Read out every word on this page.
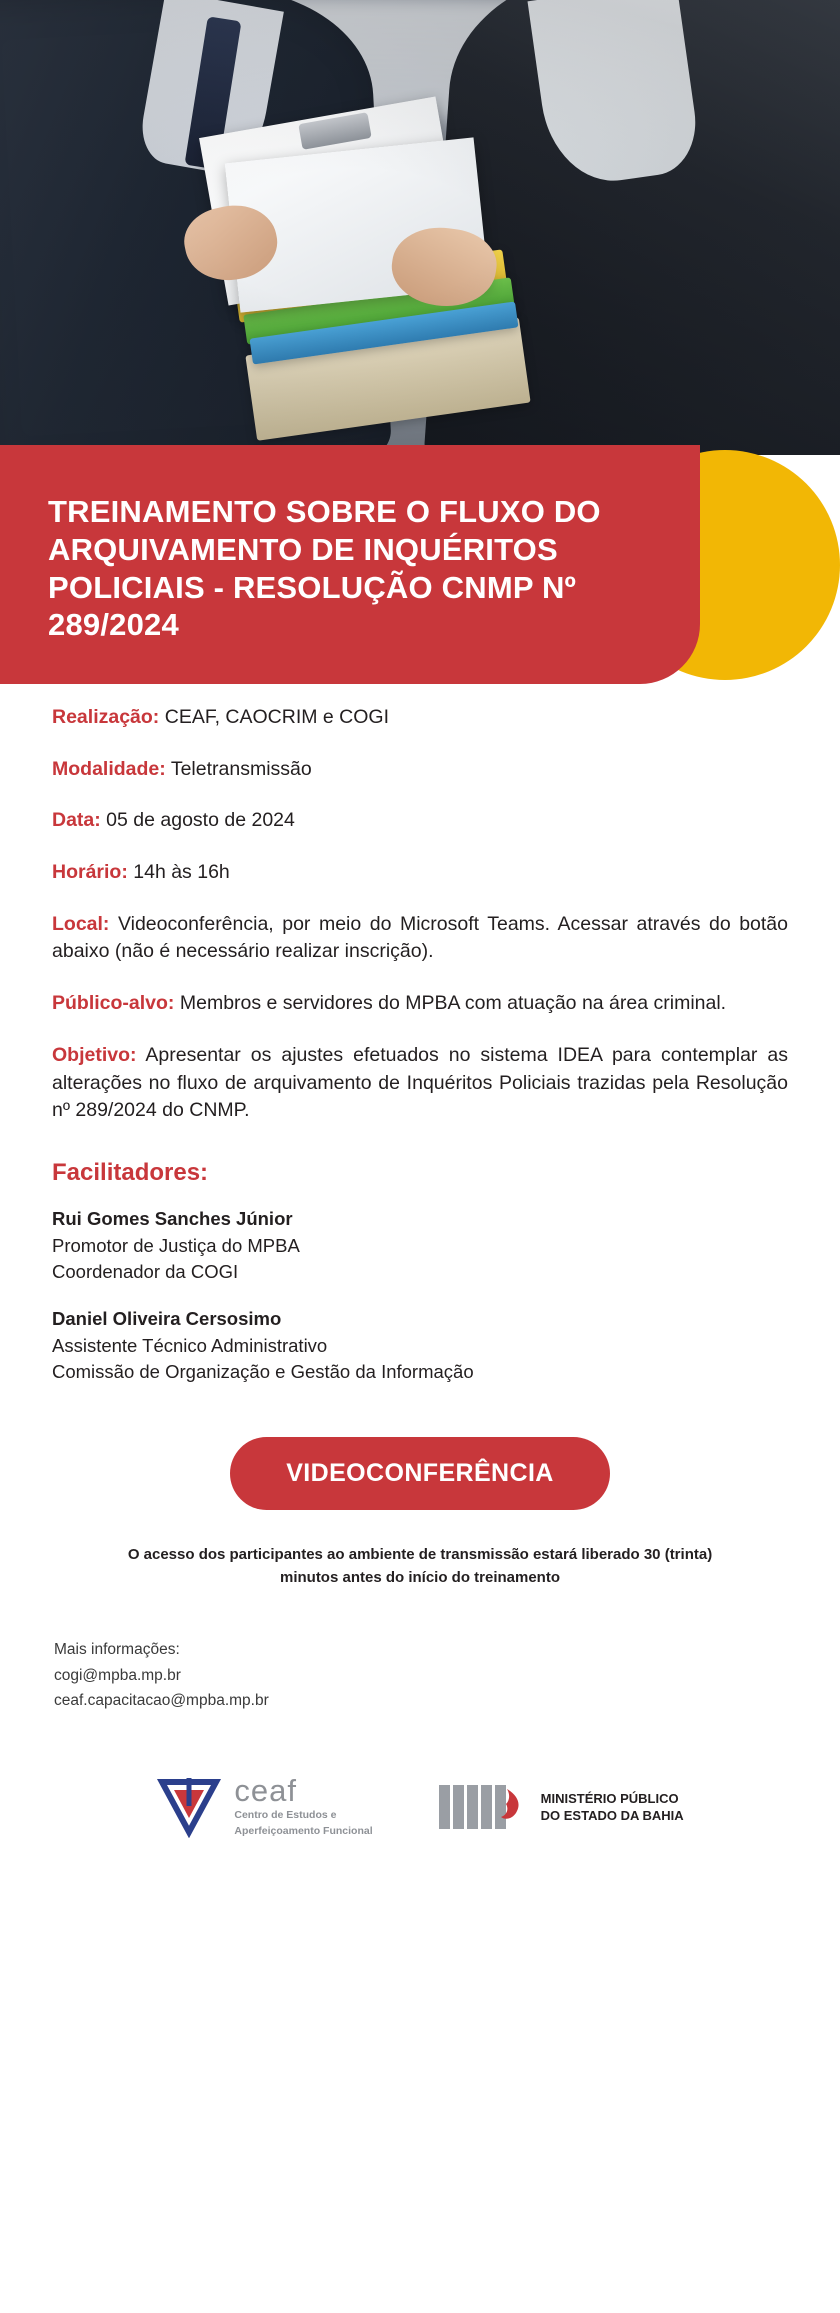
TREINAMENTO SOBRE O FLUXO DO ARQUIVAMENTO DE INQUÉRITOS POLICIAIS - RESOLUÇÃO CNMP Nº 289/2024

Realização: CEAF, CAOCRIM e COGI

Modalidade: Teletransmissão

Data: 05 de agosto de 2024

Horário: 14h às 16h

Local: Videoconferência, por meio do Microsoft Teams. Acessar através do botão abaixo (não é necessário realizar inscrição).

Público-alvo: Membros e servidores do MPBA com atuação na área criminal.

Objetivo: Apresentar os ajustes efetuados no sistema IDEA para contemplar as alterações no fluxo de arquivamento de Inquéritos Policiais trazidas pela Resolução nº 289/2024 do CNMP.

Facilitadores:
Rui Gomes Sanches Júnior
Promotor de Justiça do MPBA
Coordenador da COGI
Daniel Oliveira Cersosimo
Assistente Técnico Administrativo
Comissão de Organização e Gestão da Informação
VIDEOCONFERÊNCIA
O acesso dos participantes ao ambiente de transmissão estará liberado 30 (trinta) minutos antes do início do treinamento
Mais informações:
cogi@mpba.mp.br
ceaf.capacitacao@mpba.mp.br
ceaf
Centro de Estudos e
Aperfeiçoamento Funcional
MINISTÉRIO PÚBLICO
DO ESTADO DA BAHIA
